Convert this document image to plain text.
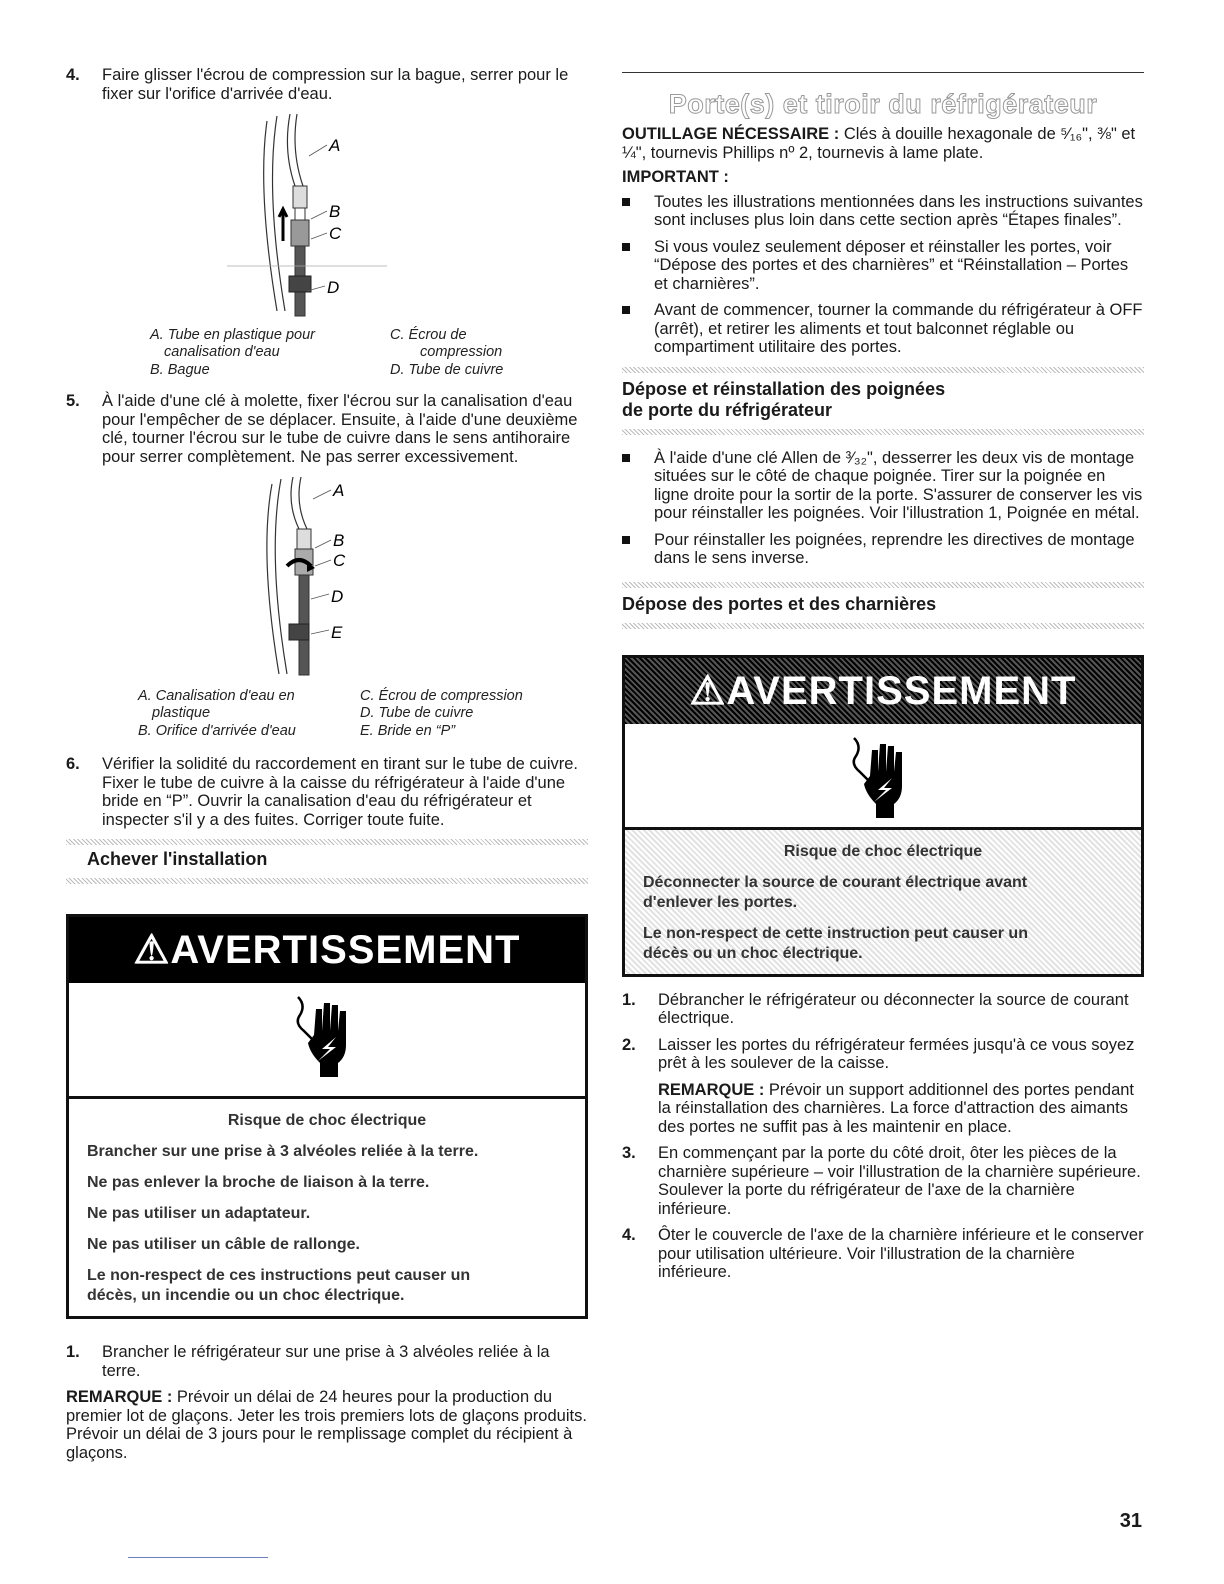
4. Faire glisser l'écrou de compression sur la bague, serrer pour le fixer sur l'orifice d'arrivée d'eau.
A
B
C
D
A. Tube en plastique pour
canalisation d'eau
C. Écrou de
compression
B. Bague	D. Tube de cuivre
5. À l'aide d'une clé à molette, fixer l'écrou sur la canalisation d'eau pour l'empêcher de se déplacer. Ensuite, à l'aide d'une deuxième clé, tourner l'écrou sur le tube de cuivre dans le sens antihoraire pour serrer complètement. Ne pas serrer excessivement.
A
B
C
D
E
A. Canalisation d'eau en
plastique
C. Écrou de compression
D. Tube de cuivre
B. Orifice d'arrivée d'eau	E. Bride en “P”
6. Vérifier la solidité du raccordement en tirant sur le tube de cuivre. Fixer le tube de cuivre à la caisse du réfrigérateur à l'aide d'une bride en “P”. Ouvrir la canalisation d'eau du réfrigérateur et inspecter s'il y a des fuites. Corriger toute fuite.
Achever l'installation
⚠AVERTISSEMENT
Risque de choc électrique

Brancher sur une prise à 3 alvéoles reliée à la terre.

Ne pas enlever la broche de liaison à la terre.

Ne pas utiliser un adaptateur.

Ne pas utiliser un câble de rallonge.

Le non-respect de ces instructions peut causer un décès, un incendie ou un choc électrique.

1. Brancher le réfrigérateur sur une prise à 3 alvéoles reliée à la terre.
REMARQUE : Prévoir un délai de 24 heures pour la production du premier lot de glaçons. Jeter les trois premiers lots de glaçons produits. Prévoir un délai de 3 jours pour le remplissage complet du récipient à glaçons.
Porte(s) et tiroir du réfrigérateur
OUTILLAGE NÉCESSAIRE : Clés à douille hexagonale de ⁵⁄₁₆", ⅜" et ¼", tournevis Phillips nº 2, tournevis à lame plate.
IMPORTANT :
Toutes les illustrations mentionnées dans les instructions suivantes sont incluses plus loin dans cette section après “Étapes finales”.
Si vous voulez seulement déposer et réinstaller les portes, voir “Dépose des portes et des charnières” et “Réinstallation – Portes et charnières”.
Avant de commencer, tourner la commande du réfrigérateur à OFF (arrêt), et retirer les aliments et tout balconnet réglable ou compartiment utilitaire des portes.
Dépose et réinstallation des poignées
de porte du réfrigérateur
À l'aide d'une clé Allen de ³⁄₃₂", desserrer les deux vis de montage situées sur le côté de chaque poignée. Tirer sur la poignée en ligne droite pour la sortir de la porte. S'assurer de conserver les vis pour réinstaller les poignées. Voir l'illustration 1, Poignée en métal.
Pour réinstaller les poignées, reprendre les directives de montage dans le sens inverse.
Dépose des portes et des charnières
⚠AVERTISSEMENT
Risque de choc électrique

Déconnecter la source de courant électrique avant d'enlever les portes.

Le non-respect de cette instruction peut causer un décès ou un choc électrique.

1. Débrancher le réfrigérateur ou déconnecter la source de courant électrique.
2. Laisser les portes du réfrigérateur fermées jusqu'à ce vous soyez prêt à les soulever de la caisse.
REMARQUE : Prévoir un support additionnel des portes pendant la réinstallation des charnières. La force d'attraction des aimants des portes ne suffit pas à les maintenir en place.
3. En commençant par la porte du côté droit, ôter les pièces de la charnière supérieure – voir l'illustration de la charnière supérieure. Soulever la porte du réfrigérateur de l'axe de la charnière inférieure.
4. Ôter le couvercle de l'axe de la charnière inférieure et le conserver pour utilisation ultérieure. Voir l'illustration de la charnière inférieure.
31
